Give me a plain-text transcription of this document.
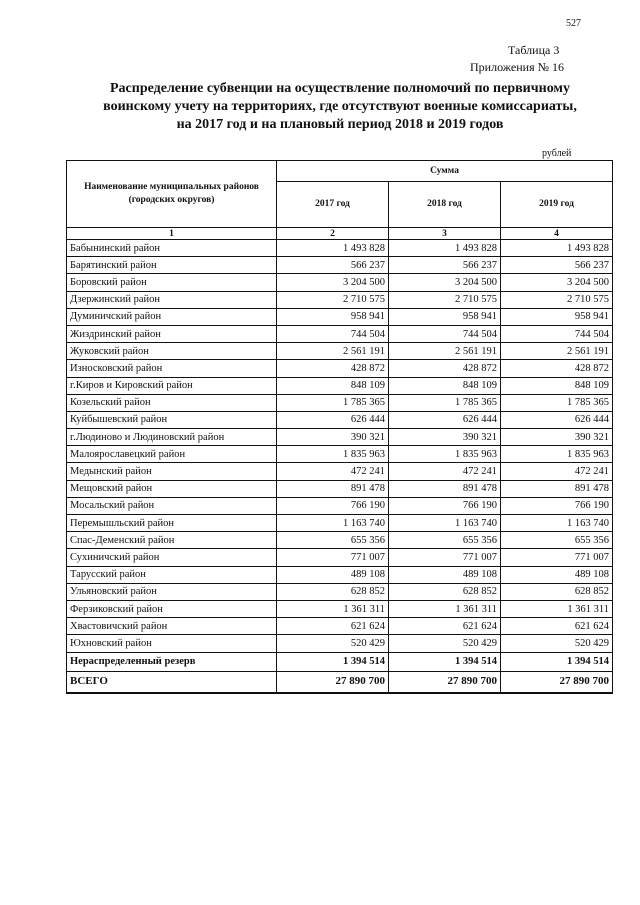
527
Таблица 3
Приложения № 16
Распределение субвенции на осуществление полномочий по первичному
воинскому учету на территориях, где отсутствуют военные комиссариаты,
на 2017 год и на плановый период 2018 и 2019 годов
рублей
Наименование муниципальных районов (городских округов)	Сумма		
	2017 год	2018 год	2019 год
1	2	3	4
Бабынинский район	1 493 828	1 493 828	1 493 828
Барятинский район	566 237	566 237	566 237
Боровский район	3 204 500	3 204 500	3 204 500
Дзержинский район	2 710 575	2 710 575	2 710 575
Думиничский район	958 941	958 941	958 941
Жиздринский район	744 504	744 504	744 504
Жуковский район	2 561 191	2 561 191	2 561 191
Износковский район	428 872	428 872	428 872
г.Киров и Кировский район	848 109	848 109	848 109
Козельский район	1 785 365	1 785 365	1 785 365
Куйбышевский район	626 444	626 444	626 444
г.Людиново и Людиновский район	390 321	390 321	390 321
Малоярославецкий район	1 835 963	1 835 963	1 835 963
Медынский район	472 241	472 241	472 241
Мещовский район	891 478	891 478	891 478
Мосальский район	766 190	766 190	766 190
Перемышльский район	1 163 740	1 163 740	1 163 740
Спас-Деменский район	655 356	655 356	655 356
Сухиничский район	771 007	771 007	771 007
Тарусский район	489 108	489 108	489 108
Ульяновский район	628 852	628 852	628 852
Ферзиковский район	1 361 311	1 361 311	1 361 311
Хвастовичский район	621 624	621 624	621 624
Юхновский район	520 429	520 429	520 429
Нераспределенный резерв	1 394 514	1 394 514	1 394 514
ВСЕГО	27 890 700	27 890 700	27 890 700
